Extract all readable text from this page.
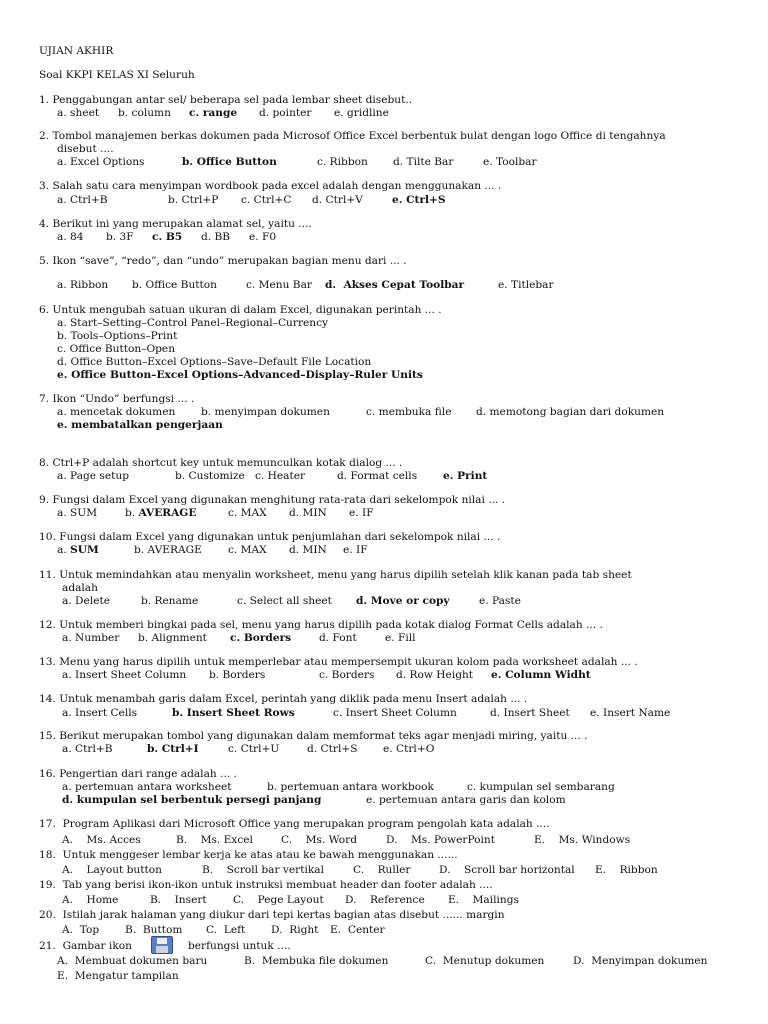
UJIAN AKHIR
Soal KKPI KELAS XI Seluruh
1. Penggabungan antar sel/ beberapa sel pada lembar sheet disebut..
a. sheet b. column c. range d. pointer e. gridline
2. Tombol manajemen berkas dokumen pada Microsof Office Excel berbentuk bulat dengan logo Office di tengahnya
disebut ....
a. Excel Options	b. Office Button	c. Ribbon d. Tilte Bar	e. Toolbar
3. Salah satu cara menyimpan wordbook pada excel adalah dengan menggunakan ... .
a. Ctrl+B	b. Ctrl+P c. Ctrl+C d. Ctrl+V	e. Ctrl+S
4. Berikut ini yang merupakan alamat sel, yaitu ....
a. 84 b. 3F c. B5 d. BB e. F0
5. Ikon “save”, “redo”, dan “undo” merupakan bagian menu dari ... .
a. Ribbon b. Office Button	c. Menu Bar d.  Akses Cepat Toolbar	e. Titlebar
6. Untuk mengubah satuan ukuran di dalam Excel, digunakan perintah ... .
a. Start–Setting–Control Panel–Regional–Currency
b. Tools–Options–Print
c. Office Button–Open
d. Office Button–Excel Options–Save–Default File Location
e. Office Button–Excel Options–Advanced–Display–Ruler Units
7. Ikon “Undo” berfungsi ... .
a. mencetak dokumen b. menyimpan dokumen	c. membuka file d. memotong bagian dari dokumen
e. membatalkan pengerjaan
8. Ctrl+P adalah shortcut key untuk memunculkan kotak dialog ... .
a. Page setup	b. Customize c. Heater	d. Format cells e. Print
9. Fungsi dalam Excel yang digunakan menghitung rata-rata dari sekelompok nilai ... .
a. SUM	b. AVERAGE	c. MAX d. MIN e. IF
10. Fungsi dalam Excel yang digunakan untuk penjumlahan dari sekelompok nilai ... .
a. SUM	b. AVERAGE c. MAX d. MIN e. IF
11. Untuk memindahkan atau menyalin worksheet, menu yang harus dipilih setelah klik kanan pada tab sheet
adalah
a. Delete	b. Rename	c. Select all sheet d. Move or copy	e. Paste
12. Untuk memberi bingkai pada sel, menu yang harus dipilih pada kotak dialog Format Cells adalah ... .
a. Number b. Alignment c. Borders	d. Font	e. Fill
13. Menu yang harus dipilih untuk memperlebar atau mempersempit ukuran kolom pada worksheet adalah ... .
a. Insert Sheet Column b. Borders	c. Borders d. Row Height e. Column Widht
14. Untuk menambah garis dalam Excel, perintah yang diklik pada menu Insert adalah ... .
a. Insert Cells	b. Insert Sheet Rows	c. Insert Sheet Column	d. Insert Sheet e. Insert Name
15. Berikut merupakan tombol yang digunakan dalam memformat teks agar menjadi miring, yaitu ... .
a. Ctrl+B	b. Ctrl+I	c. Ctrl+U	d. Ctrl+S e. Ctrl+O
16. Pengertian dari range adalah ... .
a. pertemuan antara worksheet	b. pertemuan antara workbook	c. kumpulan sel sembarang
d. kumpulan sel berbentuk persegi panjang	e. pertemuan antara garis dan kolom
17.  Program Aplikasi dari Microsoft Office yang merupakan program pengolah kata adalah ....
A.    Ms. Acces	B.    Ms. Excel	C.    Ms. Word	D.    Ms. PowerPoint	E.    Ms. Windows
18.  Untuk menggeser lembar kerja ke atas atau ke bawah menggunakan ......
A.    Layout button	B.    Scroll bar vertikal	C.    Ruller	D.    Scroll bar horizontal E.    Ribbon
19.  Tab yang berisi ikon-ikon untuk instruksi membuat header dan footer adalah ....
A.    Home	B.    Insert C.    Pege Layout D.    Reference E.    Mailings
20.  Istilah jarak halaman yang diukur dari tepi kertas bagian atas disebut ...... margin
A.  Top B.  Buttom C.  Left D.  Right E.  Center
21.  Gambar ikon	berfungsi untuk ....
A.  Membuat dokumen baru	B.  Membuka file dokumen	C.  Menutup dokumen	D.  Menyimpan dokumen
E.  Mengatur tampilan
